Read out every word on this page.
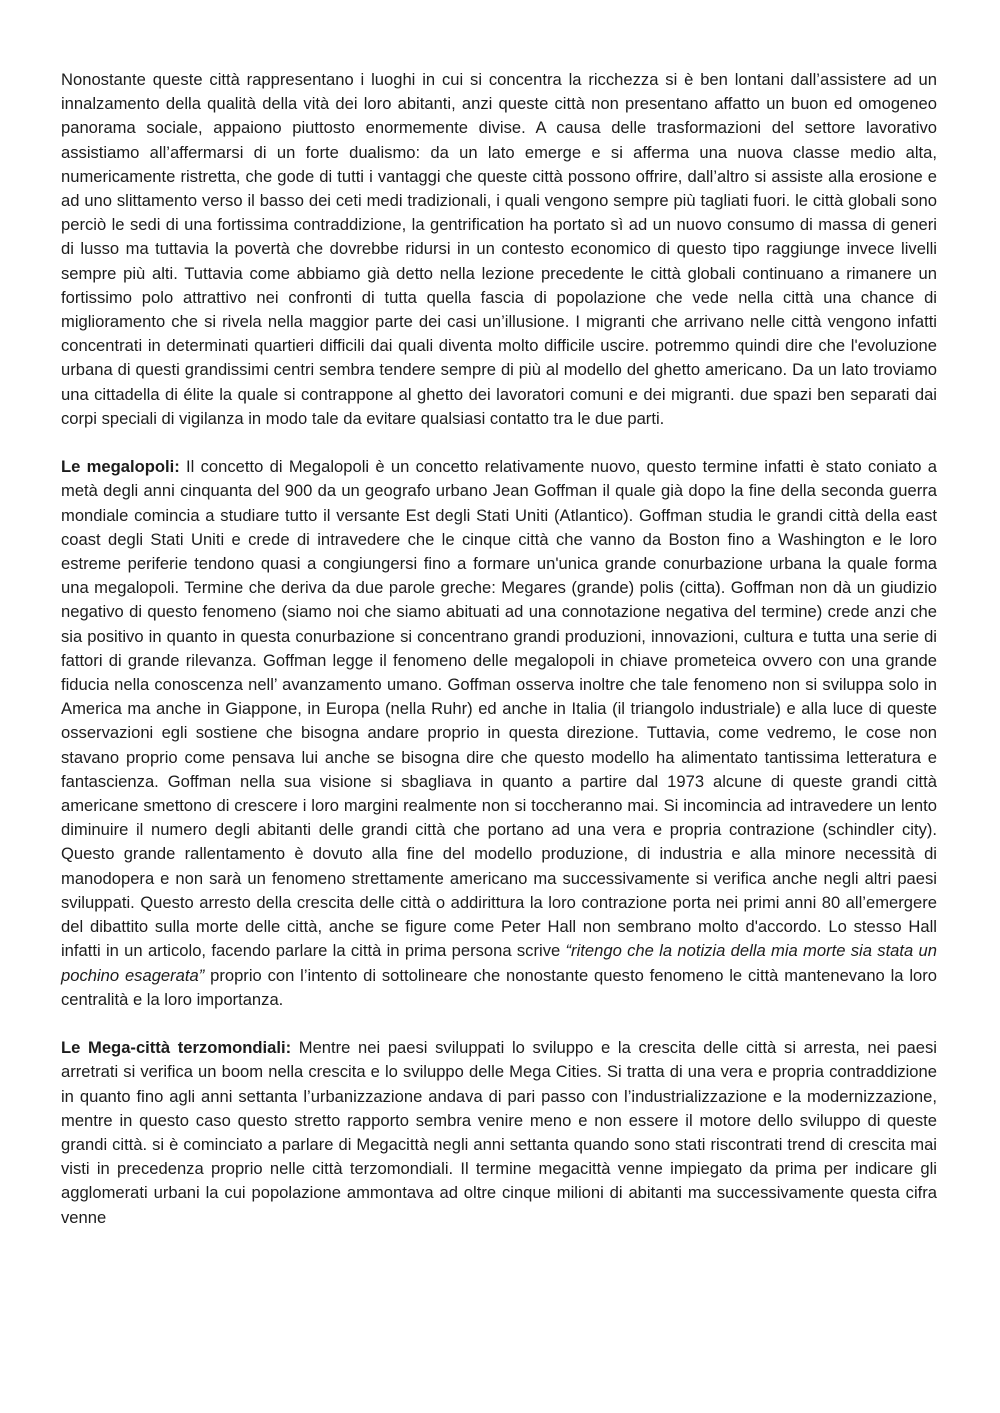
Nonostante queste città rappresentano i luoghi in cui si concentra la ricchezza si è ben lontani dall’assistere ad un innalzamento della qualità della vità dei loro abitanti, anzi queste città non presentano affatto un buon ed omogeneo panorama sociale, appaiono piuttosto enormemente divise. A causa delle trasformazioni del settore lavorativo assistiamo all’affermarsi di un forte dualismo: da un lato emerge e si afferma una nuova classe medio alta, numericamente ristretta, che gode di tutti i vantaggi che queste città possono offrire, dall’altro si assiste alla erosione e ad uno slittamento verso il basso dei ceti medi tradizionali, i quali vengono sempre più tagliati fuori. le città globali sono perciò le sedi di una fortissima contraddizione, la gentrification ha portato sì ad un nuovo consumo di massa di generi di lusso ma tuttavia la povertà che dovrebbe ridursi in un contesto economico di questo tipo raggiunge invece livelli sempre più alti. Tuttavia come abbiamo già detto nella lezione precedente le città globali continuano a rimanere un fortissimo polo attrattivo nei confronti di tutta quella fascia di popolazione che vede nella città una chance di miglioramento che si rivela nella maggior parte dei casi un’illusione. I migranti che arrivano nelle città vengono infatti concentrati in determinati quartieri difficili dai quali diventa molto difficile uscire. potremmo quindi dire che l'evoluzione urbana di questi grandissimi centri sembra tendere sempre di più al modello del ghetto americano. Da un lato troviamo una cittadella di élite la quale si contrappone al ghetto dei lavoratori comuni e dei migranti. due spazi ben separati dai corpi speciali di vigilanza in modo tale da evitare qualsiasi contatto tra le due parti.

Le megalopoli: Il concetto di Megalopoli è un concetto relativamente nuovo, questo termine infatti è stato coniato a metà degli anni cinquanta del 900 da un geografo urbano Jean Goffman il quale già dopo la fine della seconda guerra mondiale comincia a studiare tutto il versante Est degli Stati Uniti (Atlantico). Goffman studia le grandi città della east coast degli Stati Uniti e crede di intravedere che le cinque città che vanno da Boston fino a Washington e le loro estreme periferie tendono quasi a congiungersi fino a formare un'unica grande conurbazione urbana la quale forma una megalopoli. Termine che deriva da due parole greche: Megares (grande) polis (citta). Goffman non dà un giudizio negativo di questo fenomeno (siamo noi che siamo abituati ad una connotazione negativa del termine) crede anzi che sia positivo in quanto in questa conurbazione si concentrano grandi produzioni, innovazioni, cultura e tutta una serie di fattori di grande rilevanza. Goffman legge il fenomeno delle megalopoli in chiave prometeica ovvero con una grande fiducia nella conoscenza nell’ avanzamento umano. Goffman osserva inoltre che tale fenomeno non si sviluppa solo in America ma anche in Giappone, in Europa (nella Ruhr) ed anche in Italia (il triangolo industriale) e alla luce di queste osservazioni egli sostiene che bisogna andare proprio in questa direzione. Tuttavia, come vedremo, le cose non stavano proprio come pensava lui anche se bisogna dire che questo modello ha alimentato tantissima letteratura e fantascienza. Goffman nella sua visione si sbagliava in quanto a partire dal 1973 alcune di queste grandi città americane smettono di crescere i loro margini realmente non si toccheranno mai. Si incomincia ad intravedere un lento diminuire il numero degli abitanti delle grandi città che portano ad una vera e propria contrazione (schindler city). Questo grande rallentamento è dovuto alla fine del modello produzione, di industria e alla minore necessità di manodopera e non sarà un fenomeno strettamente americano ma successivamente si verifica anche negli altri paesi sviluppati. Questo arresto della crescita delle città o addirittura la loro contrazione porta nei primi anni 80 all’emergere del dibattito sulla morte delle città, anche se figure come Peter Hall non sembrano molto d'accordo. Lo stesso Hall infatti in un articolo, facendo parlare la città in prima persona scrive “ritengo che la notizia della mia morte sia stata un pochino esagerata” proprio con l’intento di sottolineare che nonostante questo fenomeno le città mantenevano la loro centralità e la loro importanza.

Le Mega-città terzomondiali: Mentre nei paesi sviluppati lo sviluppo e la crescita delle città si arresta, nei paesi arretrati si verifica un boom nella crescita e lo sviluppo delle Mega Cities. Si tratta di una vera e propria contraddizione in quanto fino agli anni settanta l’urbanizzazione andava di pari passo con l’industrializzazione e la modernizzazione, mentre in questo caso questo stretto rapporto sembra venire meno e non essere il motore dello sviluppo di queste grandi città. si è cominciato a parlare di Megacittà negli anni settanta quando sono stati riscontrati trend di crescita mai visti in precedenza proprio nelle città terzomondiali. Il termine megacittà venne impiegato da prima per indicare gli agglomerati urbani la cui popolazione ammontava ad oltre cinque milioni di abitanti ma successivamente questa cifra venne
